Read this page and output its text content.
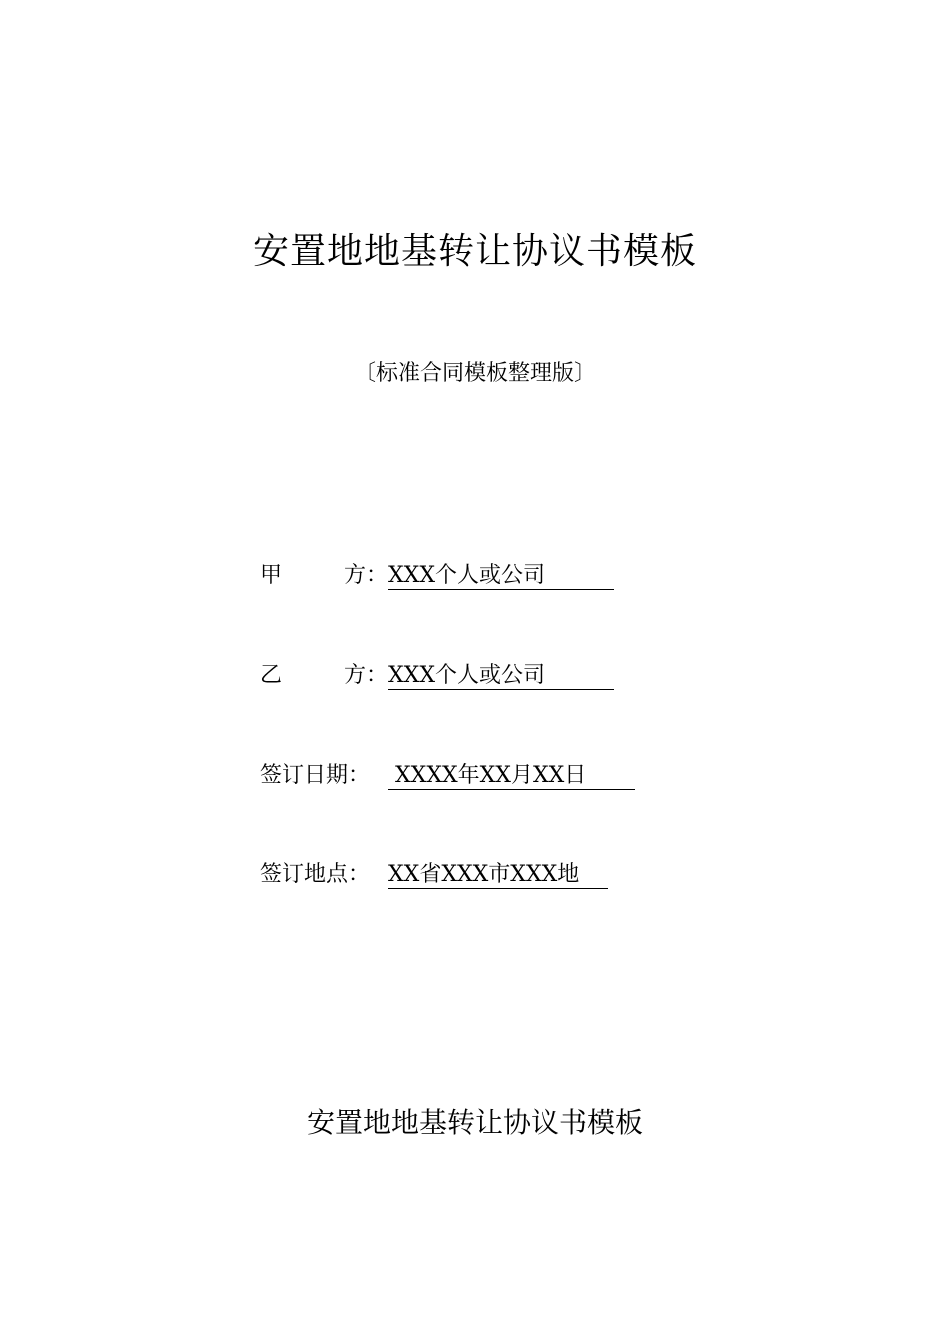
安置地地基转让协议书模板
〔标准合同模板整理版〕
甲	方： XXX个人或公司
乙	方： XXX个人或公司
签订日期： XXXX年XX月XX日
签订地点： XX省XXX市XXX地
安置地地基转让协议书模板
